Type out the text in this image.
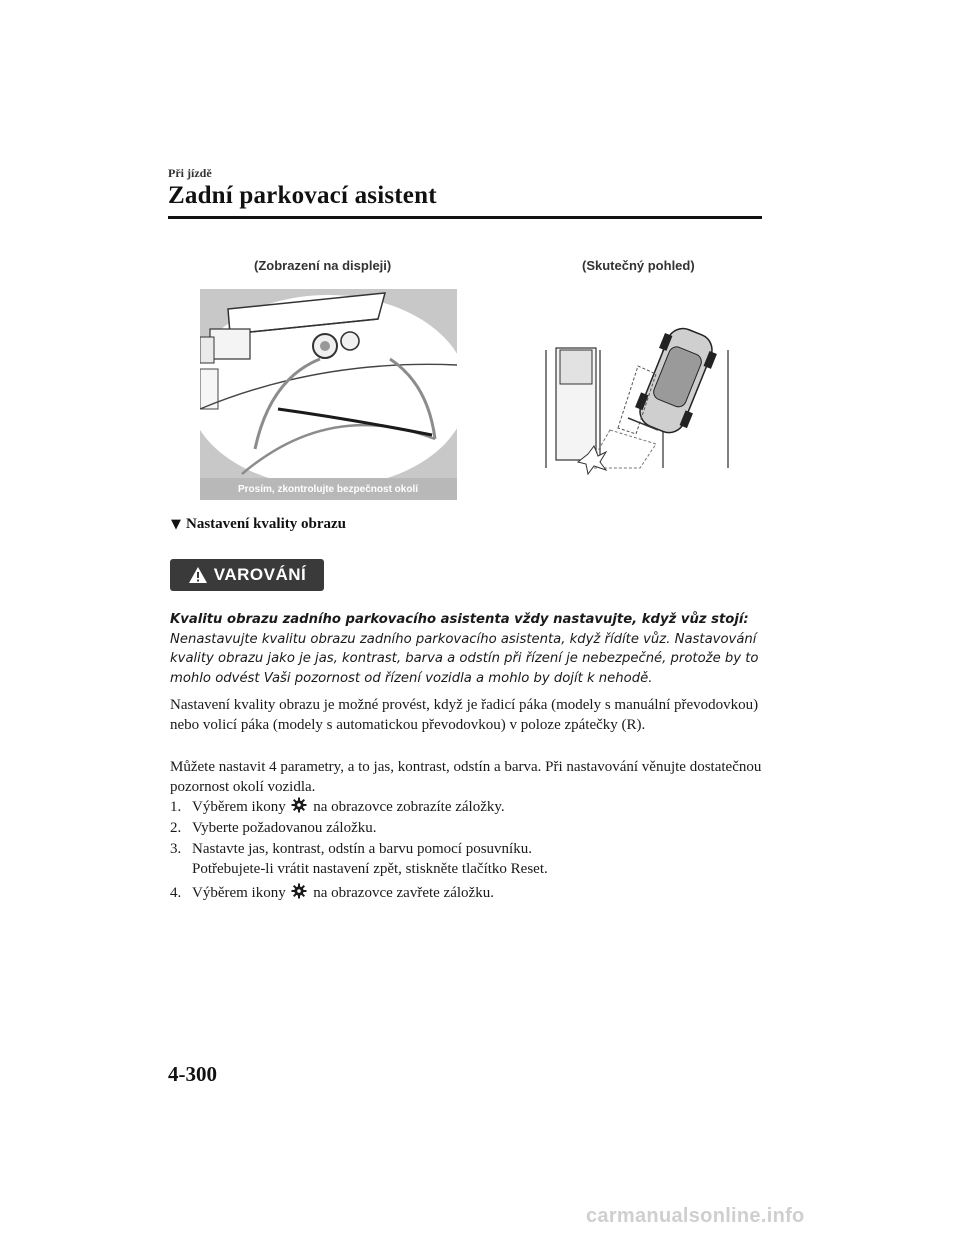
Při jízdě
Zadní parkovací asistent
(Zobrazení na displeji)	(Skutečný pohled)
Prosím, zkontrolujte bezpečnost okolí
▼ Nastavení kvality obrazu
VAROVÁNÍ
Kvalitu obrazu zadního parkovacího asistenta vždy nastavujte, když vůz stojí:
Nenastavujte kvalitu obrazu zadního parkovacího asistenta, když řídíte vůz. Nastavování kvality obrazu jako je jas, kontrast, barva a odstín při řízení je nebezpečné, protože by to mohlo odvést Vaši pozornost od řízení vozidla a mohlo by dojít k nehodě.
Nastavení kvality obrazu je možné provést, když je řadicí páka (modely s manuální převodovkou) nebo volicí páka (modely s automatickou převodovkou) v poloze zpátečky (R).
Můžete nastavit 4 parametry, a to jas, kontrast, odstín a barva. Při nastavování věnujte dostatečnou pozornost okolí vozidla.
1. Výběrem ikony na obrazovce zobrazíte záložky.
2. Vyberte požadovanou záložku.
3. Nastavte jas, kontrast, odstín a barvu pomocí posuvníku.
Potřebujete-li vrátit nastavení zpět, stiskněte tlačítko Reset.
4. Výběrem ikony na obrazovce zavřete záložku.
4-300
carmanualsonline.info
